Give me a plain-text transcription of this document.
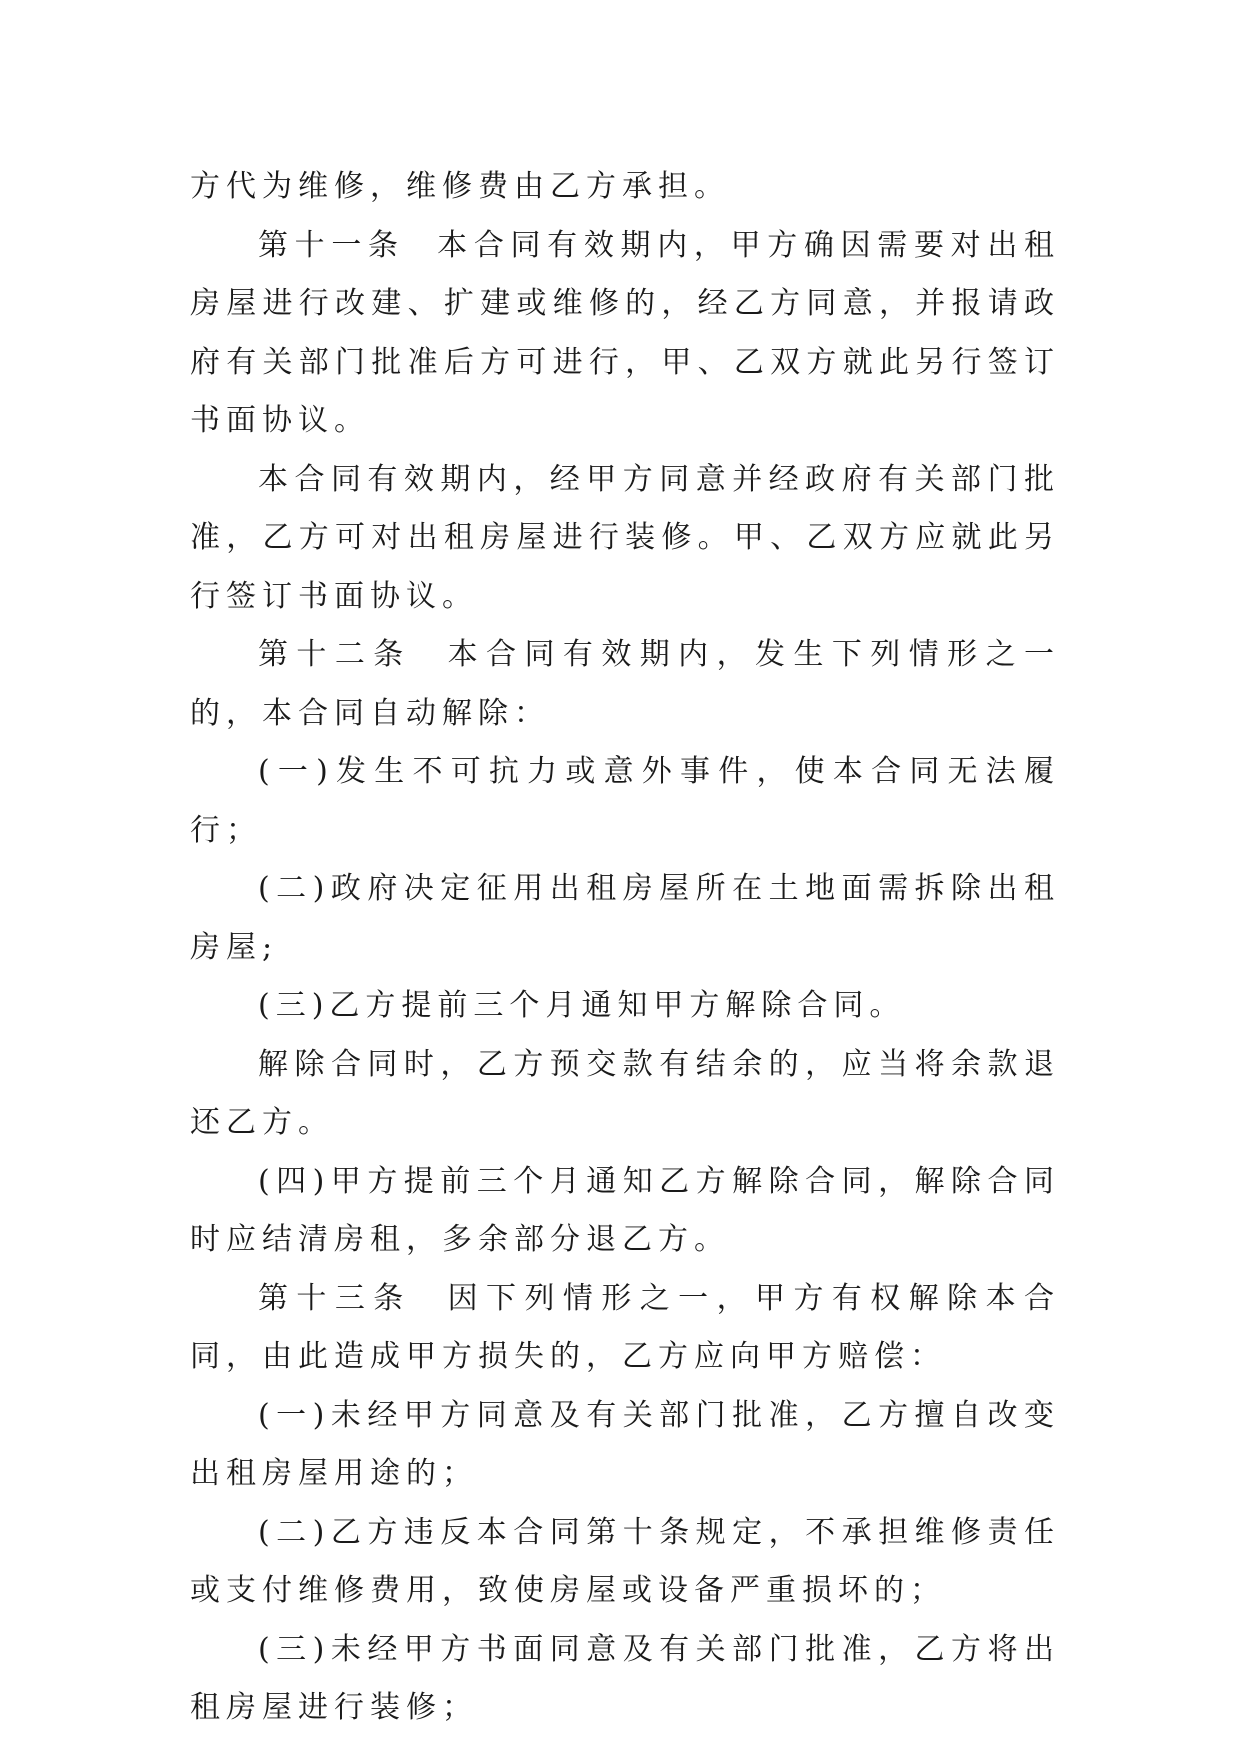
方代为维修，维修费由乙方承担。

第十一条  本合同有效期内，甲方确因需要对出租房屋进行改建、扩建或维修的，经乙方同意，并报请政府有关部门批准后方可进行，甲、乙双方就此另行签订书面协议。

本合同有效期内，经甲方同意并经政府有关部门批准，乙方可对出租房屋进行装修。甲、乙双方应就此另行签订书面协议。

第十二条  本合同有效期内，发生下列情形之一的，本合同自动解除：

(一)发生不可抗力或意外事件，使本合同无法履行；

(二)政府决定征用出租房屋所在土地面需拆除出租房屋;

(三)乙方提前三个月通知甲方解除合同。

解除合同时，乙方预交款有结余的，应当将余款退还乙方。

(四)甲方提前三个月通知乙方解除合同，解除合同时应结清房租，多余部分退乙方。

第十三条  因下列情形之一，甲方有权解除本合同，由此造成甲方损失的，乙方应向甲方赔偿：

(一)未经甲方同意及有关部门批准，乙方擅自改变出租房屋用途的；

(二)乙方违反本合同第十条规定，不承担维修责任或支付维修费用，致使房屋或设备严重损坏的；

(三)未经甲方书面同意及有关部门批准，乙方将出租房屋进行装修；
